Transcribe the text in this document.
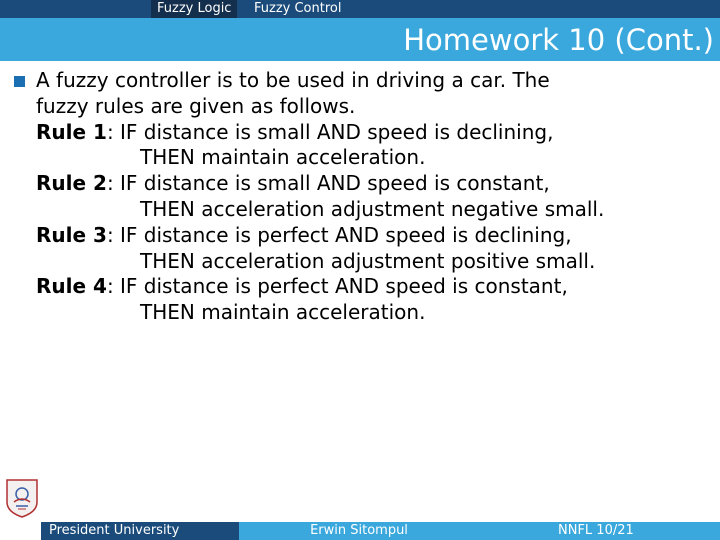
Fuzzy Logic	Fuzzy Control
Homework 10 (Cont.)
A fuzzy controller is to be used in driving a car. The
fuzzy rules are given as follows.
Rule 1: IF distance is small AND speed is declining,
THEN maintain acceleration.
Rule 2: IF distance is small AND speed is constant,
THEN acceleration adjustment negative small.
Rule 3: IF distance is perfect AND speed is declining,
THEN acceleration adjustment positive small.
Rule 4: IF distance is perfect AND speed is constant,
THEN maintain acceleration.
President University	Erwin Sitompul	NNFL 10/21
